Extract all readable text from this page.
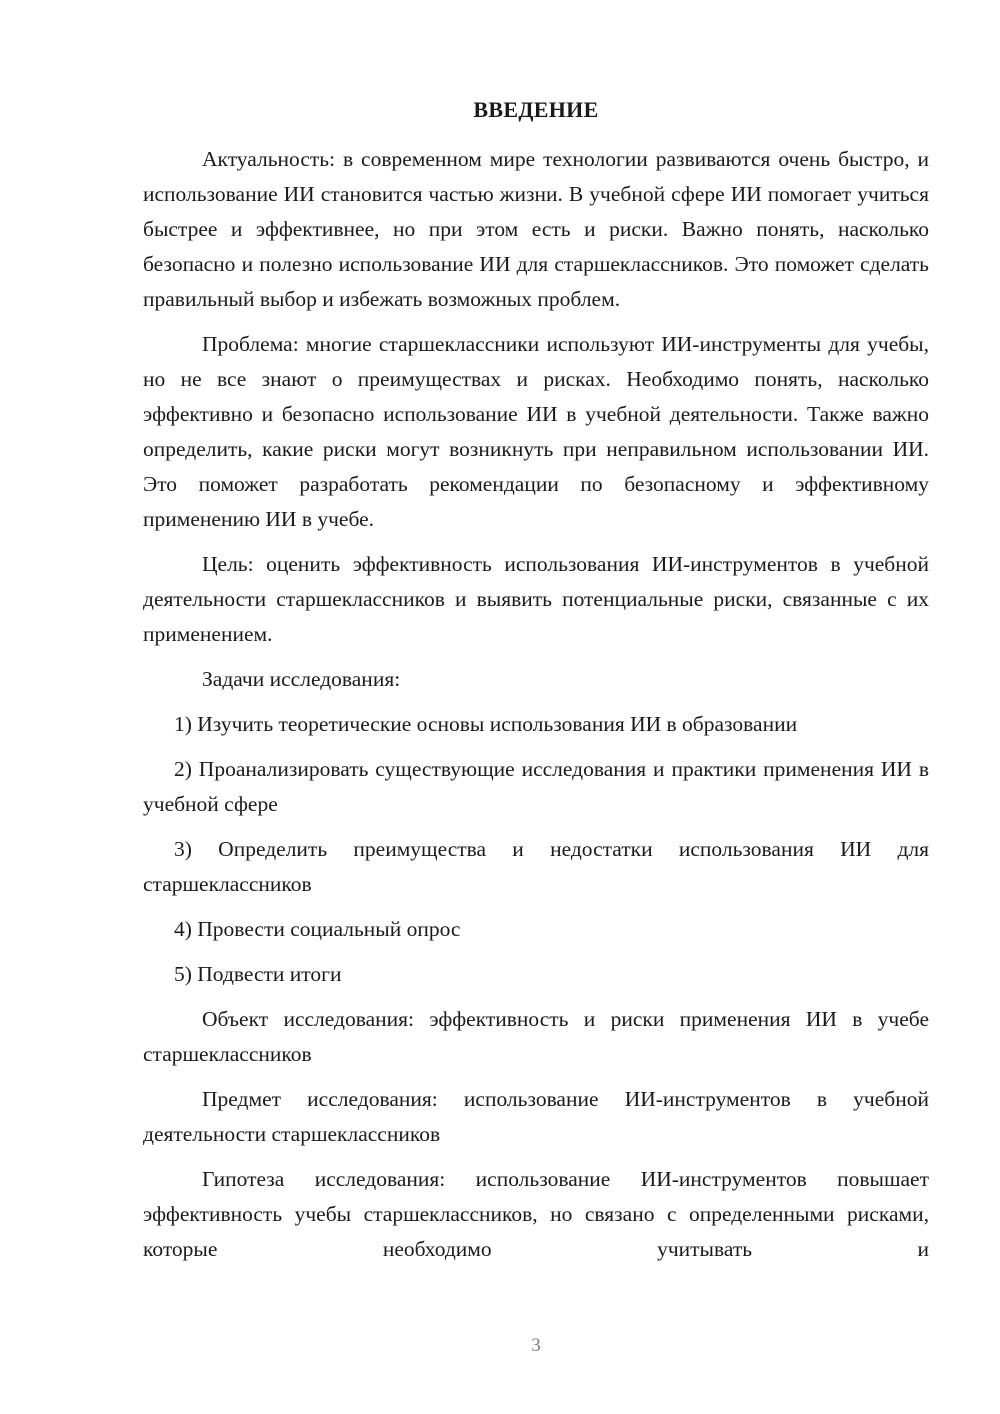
ВВЕДЕНИЕ

Актуальность: в современном мире технологии развиваются очень быстро, и использование ИИ становится частью жизни. В учебной сфере ИИ помогает учиться быстрее и эффективнее, но при этом есть и риски. Важно понять, насколько безопасно и полезно использование ИИ для старшеклассников. Это поможет сделать правильный выбор и избежать возможных проблем.

Проблема: многие старшеклассники используют ИИ-инструменты для учебы, но не все знают о преимуществах и рисках. Необходимо понять, насколько эффективно и безопасно использование ИИ в учебной деятельности. Также важно определить, какие риски могут возникнуть при неправильном использовании ИИ. Это поможет разработать рекомендации по безопасному и эффективному применению ИИ в учебе.

Цель: оценить эффективность использования ИИ-инструментов в учебной деятельности старшеклассников и выявить потенциальные риски, связанные с их применением.

Задачи исследования:

1) Изучить теоретические основы использования ИИ в образовании

2) Проанализировать существующие исследования и практики применения ИИ в учебной сфере

3) Определить преимущества и недостатки использования ИИ для старшеклассников

4) Провести социальный опрос

5) Подвести итоги

Объект исследования: эффективность и риски применения ИИ в учебе старшеклассников

Предмет исследования: использование ИИ-инструментов в учебной деятельности старшеклассников

Гипотеза исследования: использование ИИ-инструментов повышает эффективность учебы старшеклассников, но связано с определенными рисками, которые необходимо учитывать и

3
